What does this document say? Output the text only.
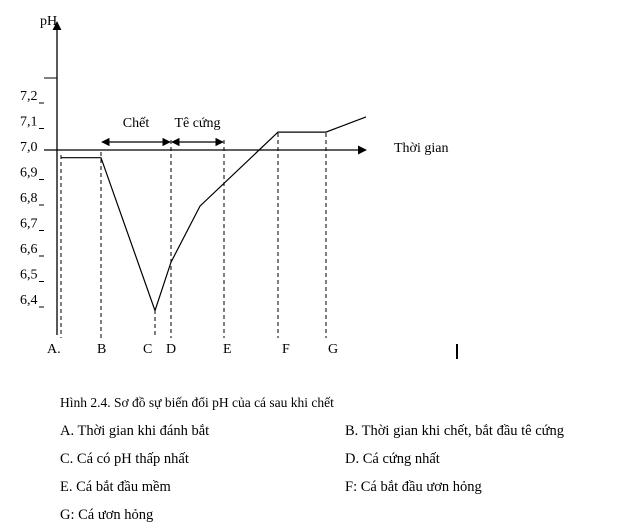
pH
Thời gian
7,2
7,1
7,0
6,9
6,8
6,7
6,6
6,5
6,4
A.	B	C D	E	F	G
Chết Tê cứng
Hình 2.4. Sơ đồ sự biến đổi pH của cá sau khi chết
A. Thời gian khi đánh bắt	B. Thời gian khi chết, bắt đầu tê cứng
C. Cá có pH thấp nhất	D. Cá cứng nhất
E. Cá bắt đầu mềm	F: Cá bắt đầu ươn hỏng
G: Cá ươn hỏng
